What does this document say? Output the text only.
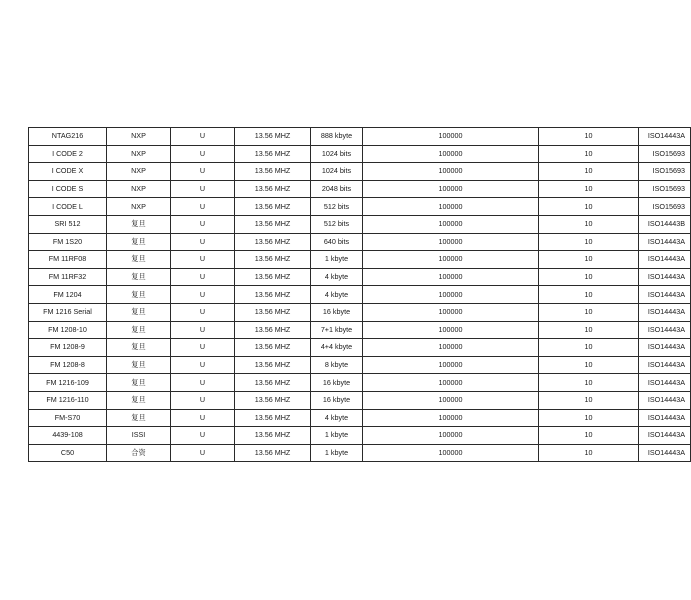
NTAG216	NXP	U	13.56 MHZ	888 kbyte	100000	10	ISO14443A
I CODE 2	NXP	U	13.56 MHZ	1024 bits	100000	10	ISO15693
I CODE X	NXP	U	13.56 MHZ	1024 bits	100000	10	ISO15693
I CODE S	NXP	U	13.56 MHZ	2048 bits	100000	10	ISO15693
I CODE L	NXP	U	13.56 MHZ	512 bits	100000	10	ISO15693
SRI 512	复旦	U	13.56 MHZ	512 bits	100000	10	ISO14443B
FM 1S20	复旦	U	13.56 MHZ	640 bits	100000	10	ISO14443A
FM 11RF08	复旦	U	13.56 MHZ	1 kbyte	100000	10	ISO14443A
FM 11RF32	复旦	U	13.56 MHZ	4 kbyte	100000	10	ISO14443A
FM 1204	复旦	U	13.56 MHZ	4 kbyte	100000	10	ISO14443A
FM 1216 Serial	复旦	U	13.56 MHZ	16 kbyte	100000	10	ISO14443A
FM 1208-10	复旦	U	13.56 MHZ	7+1 kbyte	100000	10	ISO14443A
FM 1208-9	复旦	U	13.56 MHZ	4+4 kbyte	100000	10	ISO14443A
FM 1208-8	复旦	U	13.56 MHZ	8 kbyte	100000	10	ISO14443A
FM 1216-109	复旦	U	13.56 MHZ	16 kbyte	100000	10	ISO14443A
FM 1216-110	复旦	U	13.56 MHZ	16 kbyte	100000	10	ISO14443A
FM-S70	复旦	U	13.56 MHZ	4 kbyte	100000	10	ISO14443A
4439-108	ISSI	U	13.56 MHZ	1 kbyte	100000	10	ISO14443A
C50	合资	U	13.56 MHZ	1 kbyte	100000	10	ISO14443A
